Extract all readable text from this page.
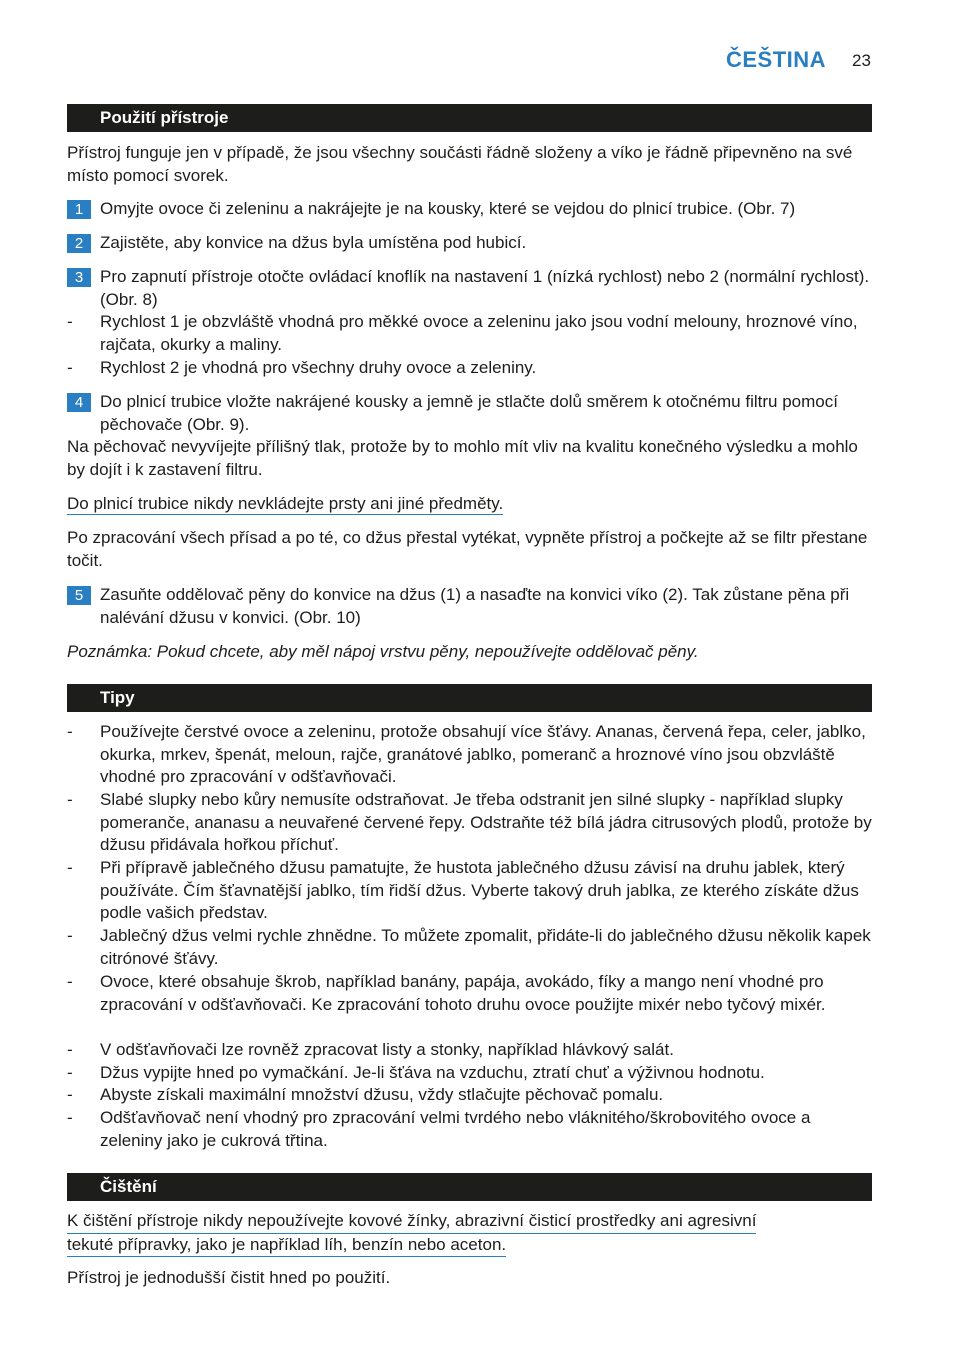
ČEŠTINA 23
Použití přístroje

Přístroj funguje jen v případě, že jsou všechny součásti řádně složeny a víko je řádně připevněno na své místo pomocí svorek.

1 Omyjte ovoce či zeleninu a nakrájejte je na kousky, které se vejdou do plnicí trubice. (Obr. 7)
2 Zajistěte, aby konvice na džus byla umístěna pod hubicí.
3 Pro zapnutí přístroje otočte ovládací knoflík na nastavení 1 (nízká rychlost) nebo 2 (normální rychlost). (Obr. 8)
- Rychlost 1 je obzvláště vhodná pro měkké ovoce a zeleninu jako jsou vodní melouny, hroznové víno, rajčata, okurky a maliny.
- Rychlost 2 je vhodná pro všechny druhy ovoce a zeleniny.
4 Do plnicí trubice vložte nakrájené kousky a jemně je stlačte dolů směrem k otočnému filtru pomocí pěchovače (Obr. 9).

Na pěchovač nevyvíjejte přílišný tlak, protože by to mohlo mít vliv na kvalitu konečného výsledku a mohlo by dojít i k zastavení filtru.

Do plnicí trubice nikdy nevkládejte prsty ani jiné předměty.

Po zpracování všech přísad a po té, co džus přestal vytékat, vypněte přístroj a počkejte až se filtr přestane točit.

5 Zasuňte oddělovač pěny do konvice na džus (1) a nasaďte na konvici víko (2). Tak zůstane pěna při nalévání džusu v konvici. (Obr. 10)

Poznámka: Pokud chcete, aby měl nápoj vrstvu pěny, nepoužívejte oddělovač pěny.

Tipy
- Používejte čerstvé ovoce a zeleninu, protože obsahují více šťávy. Ananas, červená řepa, celer, jablko, okurka, mrkev, špenát, meloun, rajče, granátové jablko, pomeranč a hroznové víno jsou obzvláště vhodné pro zpracování v odšťavňovači.
- Slabé slupky nebo kůry nemusíte odstraňovat. Je třeba odstranit jen silné slupky - například slupky pomeranče, ananasu a neuvařené červené řepy. Odstraňte též bílá jádra citrusových plodů, protože by džusu přidávala hořkou příchuť.
- Při přípravě jablečného džusu pamatujte, že hustota jablečného džusu závisí na druhu jablek, který používáte. Čím šťavnatější jablko, tím řidší džus. Vyberte takový druh jablka, ze kterého získáte džus podle vašich představ.
- Jablečný džus velmi rychle zhnědne. To můžete zpomalit, přidáte-li do jablečného džusu několik kapek citrónové šťávy.
- Ovoce, které obsahuje škrob, například banány, papája, avokádo, fíky a mango není vhodné pro zpracování v odšťavňovači. Ke zpracování tohoto druhu ovoce použijte mixér nebo tyčový mixér.
- V odšťavňovači lze rovněž zpracovat listy a stonky, například hlávkový salát.
- Džus vypijte hned po vymačkání. Je-li šťáva na vzduchu, ztratí chuť a výživnou hodnotu.
- Abyste získali maximální množství džusu, vždy stlačujte pěchovač pomalu.
- Odšťavňovač není vhodný pro zpracování velmi tvrdého nebo vláknitého/škrobovitého ovoce a zeleniny jako je cukrová třtina.
Čištění
K čištění přístroje nikdy nepoužívejte kovové žínky, abrazivní čisticí prostředky ani agresivní
tekuté přípravky, jako je například líh, benzín nebo aceton.

Přístroj je jednodušší čistit hned po použití.
